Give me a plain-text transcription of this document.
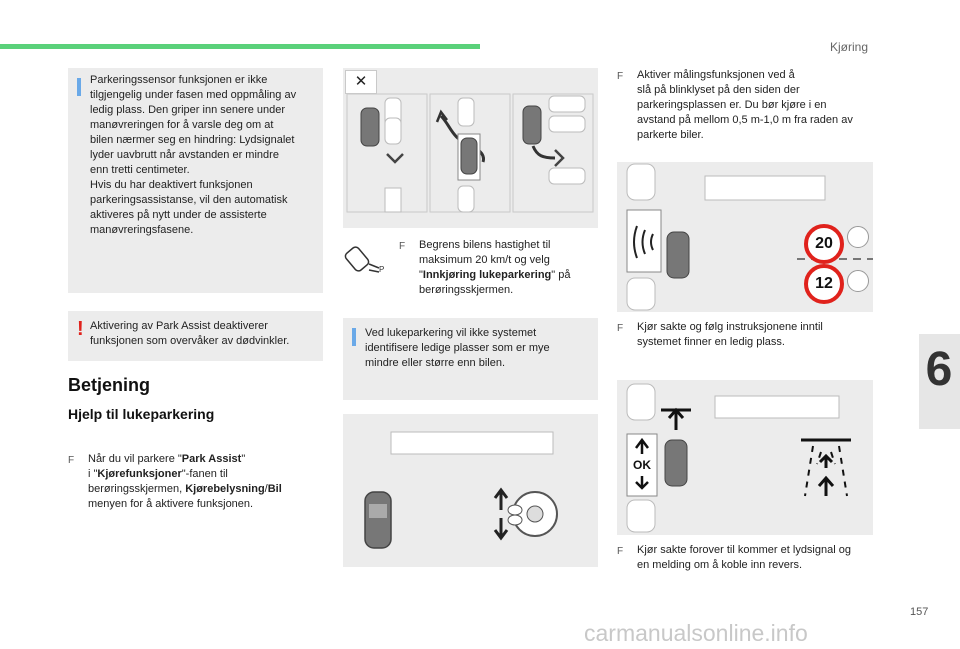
Kjøring
6
157
carmanualsonline.info
Parkeringssensor funksjonen er ikke
tilgjengelig under fasen med oppmåling av
ledig plass. Den griper inn senere under
manøvreringen for å varsle deg om at
bilen nærmer seg en hindring: Lydsignalet
lyder uavbrutt når avstanden er mindre
enn tretti centimeter.
Hvis du har deaktivert funksjonen
parkeringsassistanse, vil den automatisk
aktiveres på nytt under de assisterte
manøvreringsfasene.
! Aktivering av Park Assist deaktiverer
funksjonen som overvåker av dødvinkler.
Betjening
Hjelp til lukeparkering
F Når du vil parkere "Park Assist"
i "Kjørefunksjoner"-fanen til
berøringsskjermen, Kjørebelysning/Bil
menyen for å aktivere funksjonen.
✕
P
F Begrens bilens hastighet til
maksimum 20 km/t og velg
"Innkjøring lukeparkering" på
berøringsskjermen.
Ved lukeparkering vil ikke systemet
identifisere ledige plasser som er mye
mindre eller større enn bilen.
F Aktiver målingsfunksjonen ved å
slå på blinklyset på den siden der
parkeringsplassen er. Du bør kjøre i en
avstand på mellom 0,5 m-1,0 m fra raden av
parkerte biler.
20
12
F Kjør sakte og følg instruksjonene inntil
systemet finner en ledig plass.
OK
F Kjør sakte forover til kommer et lydsignal og
en melding om å koble inn revers.
